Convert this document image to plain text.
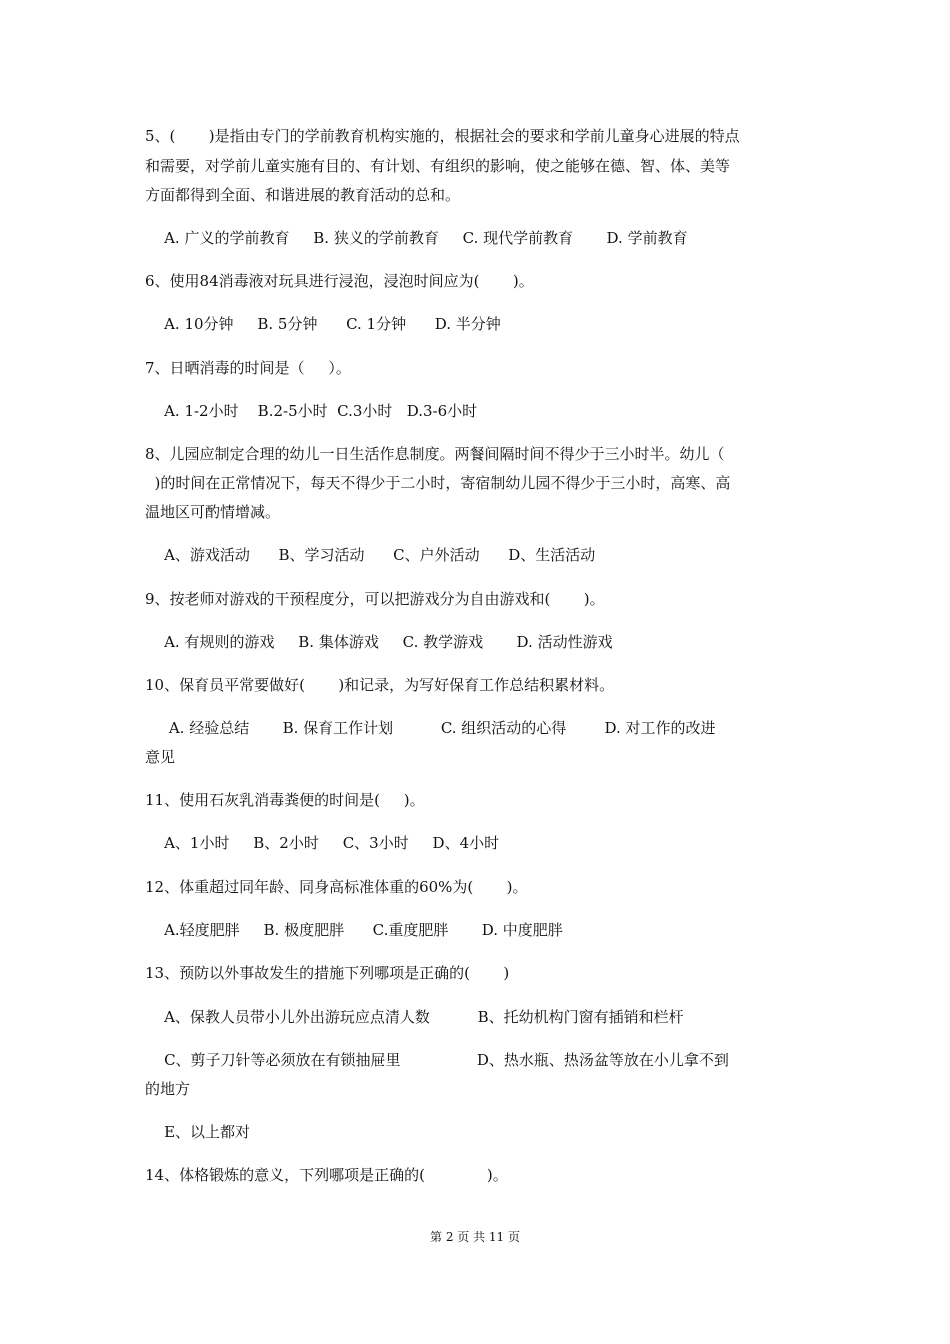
5、(       )是指由专门的学前教育机构实施的，根据社会的要求和学前儿童身心进展的特点
和需要，对学前儿童实施有目的、有计划、有组织的影响，使之能够在德、智、体、美等
方面都得到全面、和谐进展的教育活动的总和。
A. 广义的学前教育     B. 狭义的学前教育     C. 现代学前教育       D. 学前教育
6、使用84消毒液对玩具进行浸泡，浸泡时间应为(       )。
A. 10分钟     B. 5分钟      C. 1分钟      D. 半分钟
7、日晒消毒的时间是（     ）。
A. 1-2小时    B.2-5小时  C.3小时   D.3-6小时
8、儿园应制定合理的幼儿一日生活作息制度。两餐间隔时间不得少于三小时半。幼儿（
)的时间在正常情况下，每天不得少于二小时，寄宿制幼儿园不得少于三小时，高寒、高
温地区可酌情增减。
A、游戏活动      B、学习活动      C、户外活动      D、生活活动
9、按老师对游戏的干预程度分，可以把游戏分为自由游戏和(       )。
A. 有规则的游戏     B. 集体游戏     C. 教学游戏       D. 活动性游戏
10、保育员平常要做好(       )和记录，为写好保育工作总结积累材料。
A. 经验总结       B. 保育工作计划          C. 组织活动的心得        D. 对工作的改进
意见
11、使用石灰乳消毒粪便的时间是(     )。
A、1小时     B、2小时     C、3小时     D、4小时
12、体重超过同年龄、同身高标准体重的60%为(       )。
A.轻度肥胖     B. 极度肥胖      C.重度肥胖       D. 中度肥胖
13、预防以外事故发生的措施下列哪项是正确的(       )
A、保教人员带小儿外出游玩应点清人数          B、托幼机构门窗有插销和栏杆
C、剪子刀针等必须放在有锁抽屉里                D、热水瓶、热汤盆等放在小儿拿不到
的地方
E、以上都对
14、体格锻炼的意义，下列哪项是正确的(             )。
第 2 页 共 11 页
